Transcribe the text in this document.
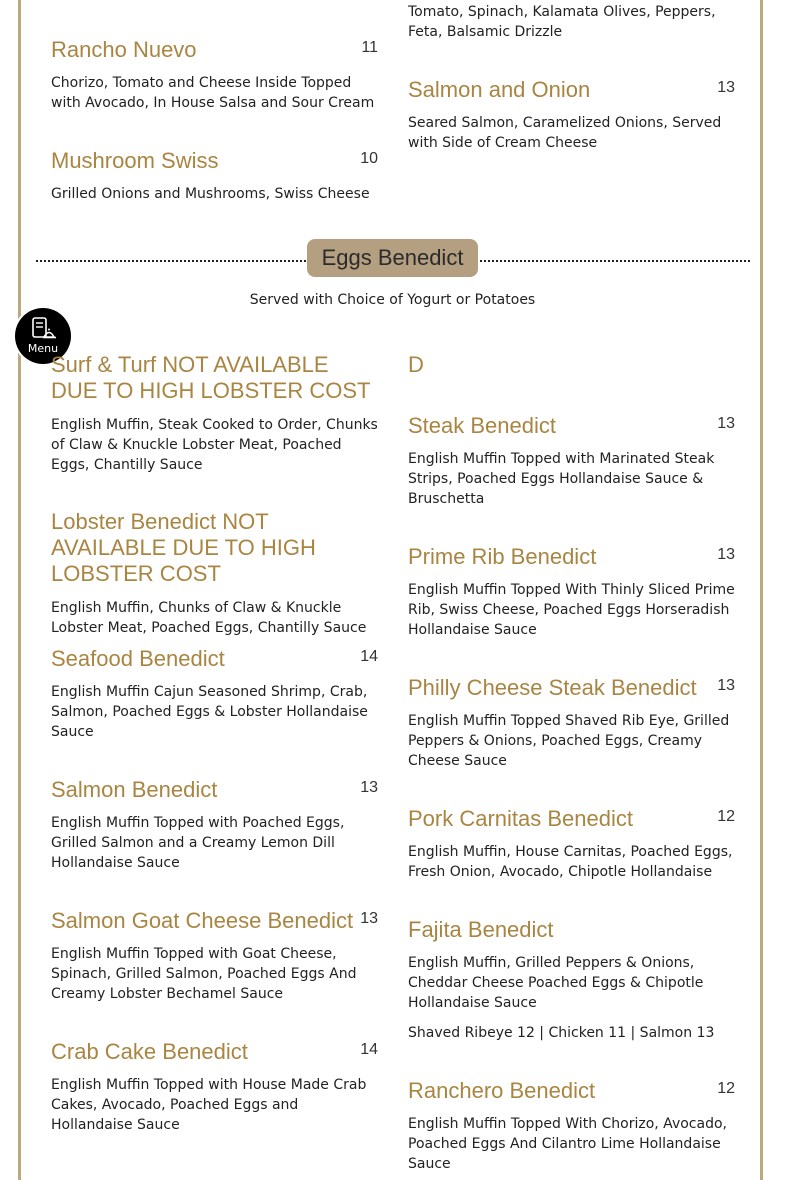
Tomato, Spinach, Kalamata Olives, Peppers, Feta, Balsamic Drizzle

Rancho Nuevo	11

Chorizo, Tomato and Cheese Inside Topped with Avocado, In House Salsa and Sour Cream

Mushroom Swiss	10

Grilled Onions and Mushrooms, Swiss Cheese

Salmon and Onion	13

Seared Salmon, Caramelized Onions, Served with Side of Cream Cheese

Eggs Benedict
Served with Choice of Yogurt or Potatoes
Menu
Surf & Turf NOT AVAILABLE DUE TO HIGH LOBSTER COST

English Muffin, Steak Cooked to Order, Chunks of Claw & Knuckle Lobster Meat, Poached Eggs, Chantilly Sauce

Lobster Benedict NOT AVAILABLE DUE TO HIGH LOBSTER COST

English Muffin, Chunks of Claw & Knuckle Lobster Meat, Poached Eggs, Chantilly Sauce

Seafood Benedict	14

English Muffin Cajun Seasoned Shrimp, Crab, Salmon, Poached Eggs & Lobster Hollandaise Sauce

Salmon Benedict	13

English Muffin Topped with Poached Eggs, Grilled Salmon and a Creamy Lemon Dill Hollandaise Sauce

Salmon Goat Cheese Benedict 13

English Muffin Topped with Goat Cheese, Spinach, Grilled Salmon, Poached Eggs And Creamy Lobster Bechamel Sauce

Crab Cake Benedict	14

English Muffin Topped with House Made Crab Cakes, Avocado, Poached Eggs and Hollandaise Sauce

D
Steak Benedict	13

English Muffin Topped with Marinated Steak Strips, Poached Eggs Hollandaise Sauce & Bruschetta

Prime Rib Benedict	13

English Muffin Topped With Thinly Sliced Prime Rib, Swiss Cheese, Poached Eggs Horseradish Hollandaise Sauce

Philly Cheese Steak Benedict	13

English Muffin Topped Shaved Rib Eye, Grilled Peppers & Onions, Poached Eggs, Creamy Cheese Sauce

Pork Carnitas Benedict	12

English Muffin, House Carnitas, Poached Eggs, Fresh Onion, Avocado, Chipotle Hollandaise

Fajita Benedict

English Muffin, Grilled Peppers & Onions, Cheddar Cheese Poached Eggs & Chipotle Hollandaise Sauce

Shaved Ribeye 12 | Chicken 11 | Salmon 13

Ranchero Benedict	12

English Muffin Topped With Chorizo, Avocado, Poached Eggs And Cilantro Lime Hollandaise Sauce
